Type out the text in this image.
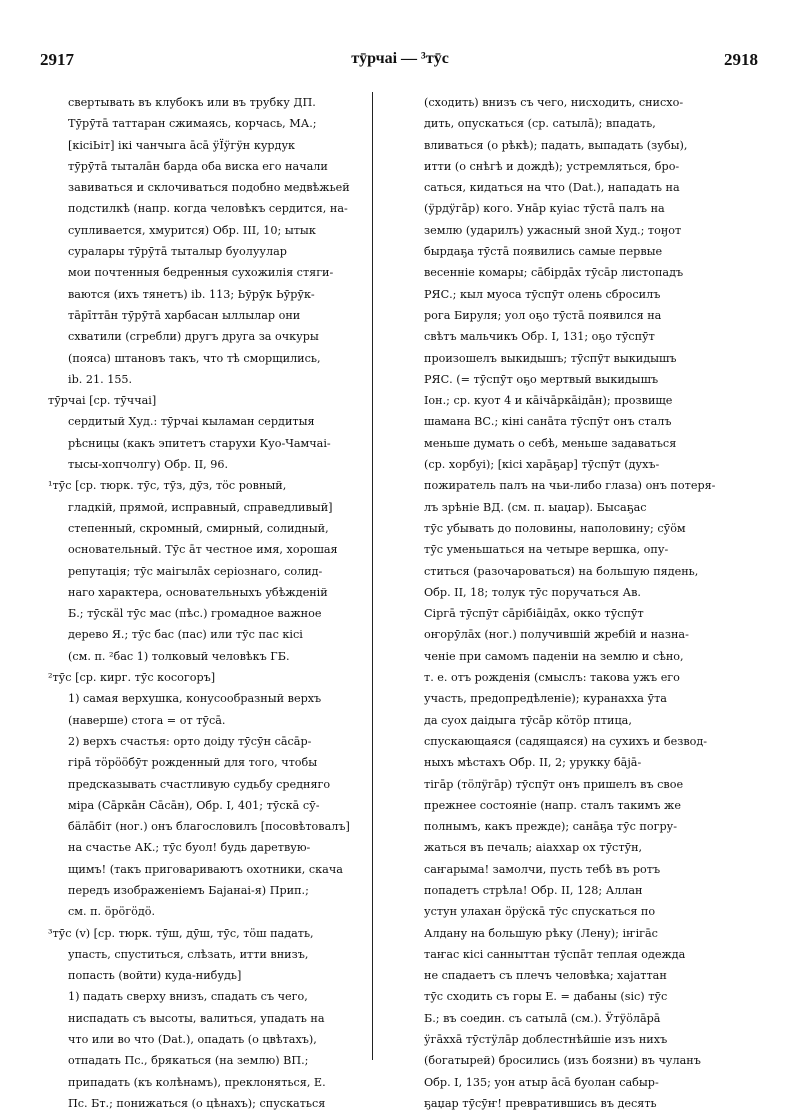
2917	тӯрчаі — ³тӯс	2918
свертывать въ клубокъ или въ трубку ДП.
Тӯрӯтā таттаран сжимаясь, корчась, МА.;
[кісіЬіт] ікі чанчыга āсā ӱЇӱгӱн курдук
тӯрӯтā тыталāн барда оба виска его начали
завиваться и склочиваться подобно медвѣжьей
подстилкѣ (напр. когда человѣкъ сердится, на-
супливается, хмурится) Обр. III, 10; ытык
суралары тӯрӯтā тыталыр буолуулар
мои почтенныя бедренныя сухожилія стяги-
ваются (ихъ тянетъ) ib. 113; Ьӯрӯк Ьӯрӯк-
тāрīттāн тӯрӯтā харбасан ыллылар они
схватили (сгребли) другъ друга за очкуры
(пояса) штановъ такъ, что тѣ сморщились,
ib. 21. 155.
тӯрчаі [ср. тӯччаі]
сердитый Худ.: тӯрчаі кыламан сердитыя
рѣсницы (какъ эпитетъ старухи Куо-Чамчаі-
тысы-хопчолгу) Обр. II, 96.
¹тӯс [ср. тюрк. тӯс, тӯз, дӯз, тӧс ровный,
гладкій, прямой, исправный, справедливый]
степенный, скромный, смирный, солидный,
основательный. Тӯс āт честное имя, хорошая
репутація; тӯс маігылāх серіознаго, солид-
наго характера, основательныхъ убѣжденій
Б.; тӯскӓl тӯс мас (пѣс.) громадное важное
дерево Я.; тӯс бас (пас) или тӯс пас кісі
(см. п. ²бас 1) толковый человѣкъ ГБ.
²тӯс [ср. кирг. тӯс косогоръ]
1) самая верхушка, конусообразный верхъ
(наверше) стога = от тӯсā.
2) верхъ счастья: орто доіду тӯсӯн сāсāр-
гірā тӧрӧӧбӯт рожденный для того, чтобы
предсказывать счастливую судьбу средняго
міра (Сāркāн Сāсāн), Обр. I, 401; тӯскā сӯ-
бӓлāбіт (ног.) онъ благословилъ [посовѣтовалъ]
на счастье АК.; тӯс буол! будь даретвую-
щимъ! (такъ приговариваютъ охотники, скача
передъ изображеніемъ Бајанаі-я) Прип.;
см. п. ӧрӧгӧдӧ.
³тӯс (v) [ср. тюрк. тӯш, дӯш, тӯс, тӧш падать,
упасть, спуститься, слѣзать, итти внизъ,
попасть (войти) куда-нибудь]
1) падать сверху внизъ, спадать съ чего,
ниспадать съ высоты, валиться, упадать на
что или во что (Dat.), опадать (о цвѣтахъ),
отпадать Пс., брякаться (на землю) ВП.;
припадать (къ колѣнамъ), преклоняться, Е.
Пс. Бт.; понижаться (о цѣнахъ); спускаться
(сходить) внизъ съ чего, нисходить, снисхо-
дить, опускаться (ср. сатылā); впадать,
вливаться (о рѣкѣ); падать, выпадать (зубы),
итти (о снѣгѣ и дождѣ); устремляться, бро-
саться, кидаться на что (Dat.), нападать на
(ӱрдӱгāр) кого. Унāр куіас тӯстā палъ на
землю (ударилъ) ужасный зной Худ.; тоӈот
бырдаҕа тӯстā появились самые первые
весенніе комары; сāбірдāх тӯсāр листопадъ
РЯС.; кыл муоса тӯспӯт олень сбросилъ
рога Бируля; уол оҕо тӯстā появился на
свѣтъ мальчикъ Обр. I, 131; оҕо тӯспӯт
произошелъ выкидышъ; тӯспӯт выкидышъ
РЯС. (= тӯспӯт оҕо мертвый выкидышъ
Іон.; ср. куот 4 и кāічāркāідāн); прозвище
шамана ВС.; кіні санāта тӯспӯт онъ сталъ
меньше думать о себѣ, меньше задаваться
(ср. хорбуі); [кісі харāҕар] тӯспӯт (духъ-
пожиратель палъ на чьи-либо глаза) онъ потеря-
лъ зрѣніе ВД. (см. п. ыаџар). Бысаҕас
тӯс убывать до половины, наполовину; сӯӧм
тӯс уменьшаться на четыре вершка, опу-
ститься (разочароваться) на большую пядень,
Обр. II, 18; толук тӯс поручаться Ав.
Сіргā тӯспӯт сāрібіāідāх, окко тӯспӯт
оҥорӯлāх (ног.) получившій жребій и назна-
ченіе при самомъ паденіи на землю и сѣно,
т. е. отъ рожденія (смыслъ: такова ужъ его
участь, предопредѣленіе); куранахха ӯта
да суох даідыга тӯсāр кӧтӧр птица,
спускающаяся (садящаяся) на сухихъ и безвод-
ныхъ мѣстахъ Обр. II, 2; урукку бāјā-
тігāр (тӧлӱгāр) тӯспӯт онъ пришелъ въ свое
прежнее состояніе (напр. сталъ такимъ же
полнымъ, какъ прежде); санāҕа тӯс погру-
жаться въ печаль; аіаххар ох тӯстӯн,
саҥарыма! замолчи, пусть тебѣ въ ротъ
попадетъ стрѣла! Обр. II, 128; Аллан
устун улахан ӧрӱскā тӯс спускаться по
Алдану на большую рѣку (Лену); іҥігāс
таҥас кісі санныттан тӯспāт теплая одежда
не спадаетъ съ плечъ человѣка; хајаттан
тӯс сходить съ горы Е. = дабаны (sic) тӯс
Б.; въ соедин. съ сатылā (см.). Ӱтӱӧлāрā
ӱгāххā тӯстӱлāр доблестнѣйшіе изъ нихъ
(богатырей) бросились (изъ боязни) въ чуланъ
Обр. I, 135; уон атыр āсā буолан сабыр-
ҕаџар тӯсӯҥ! превратившись въ десять
